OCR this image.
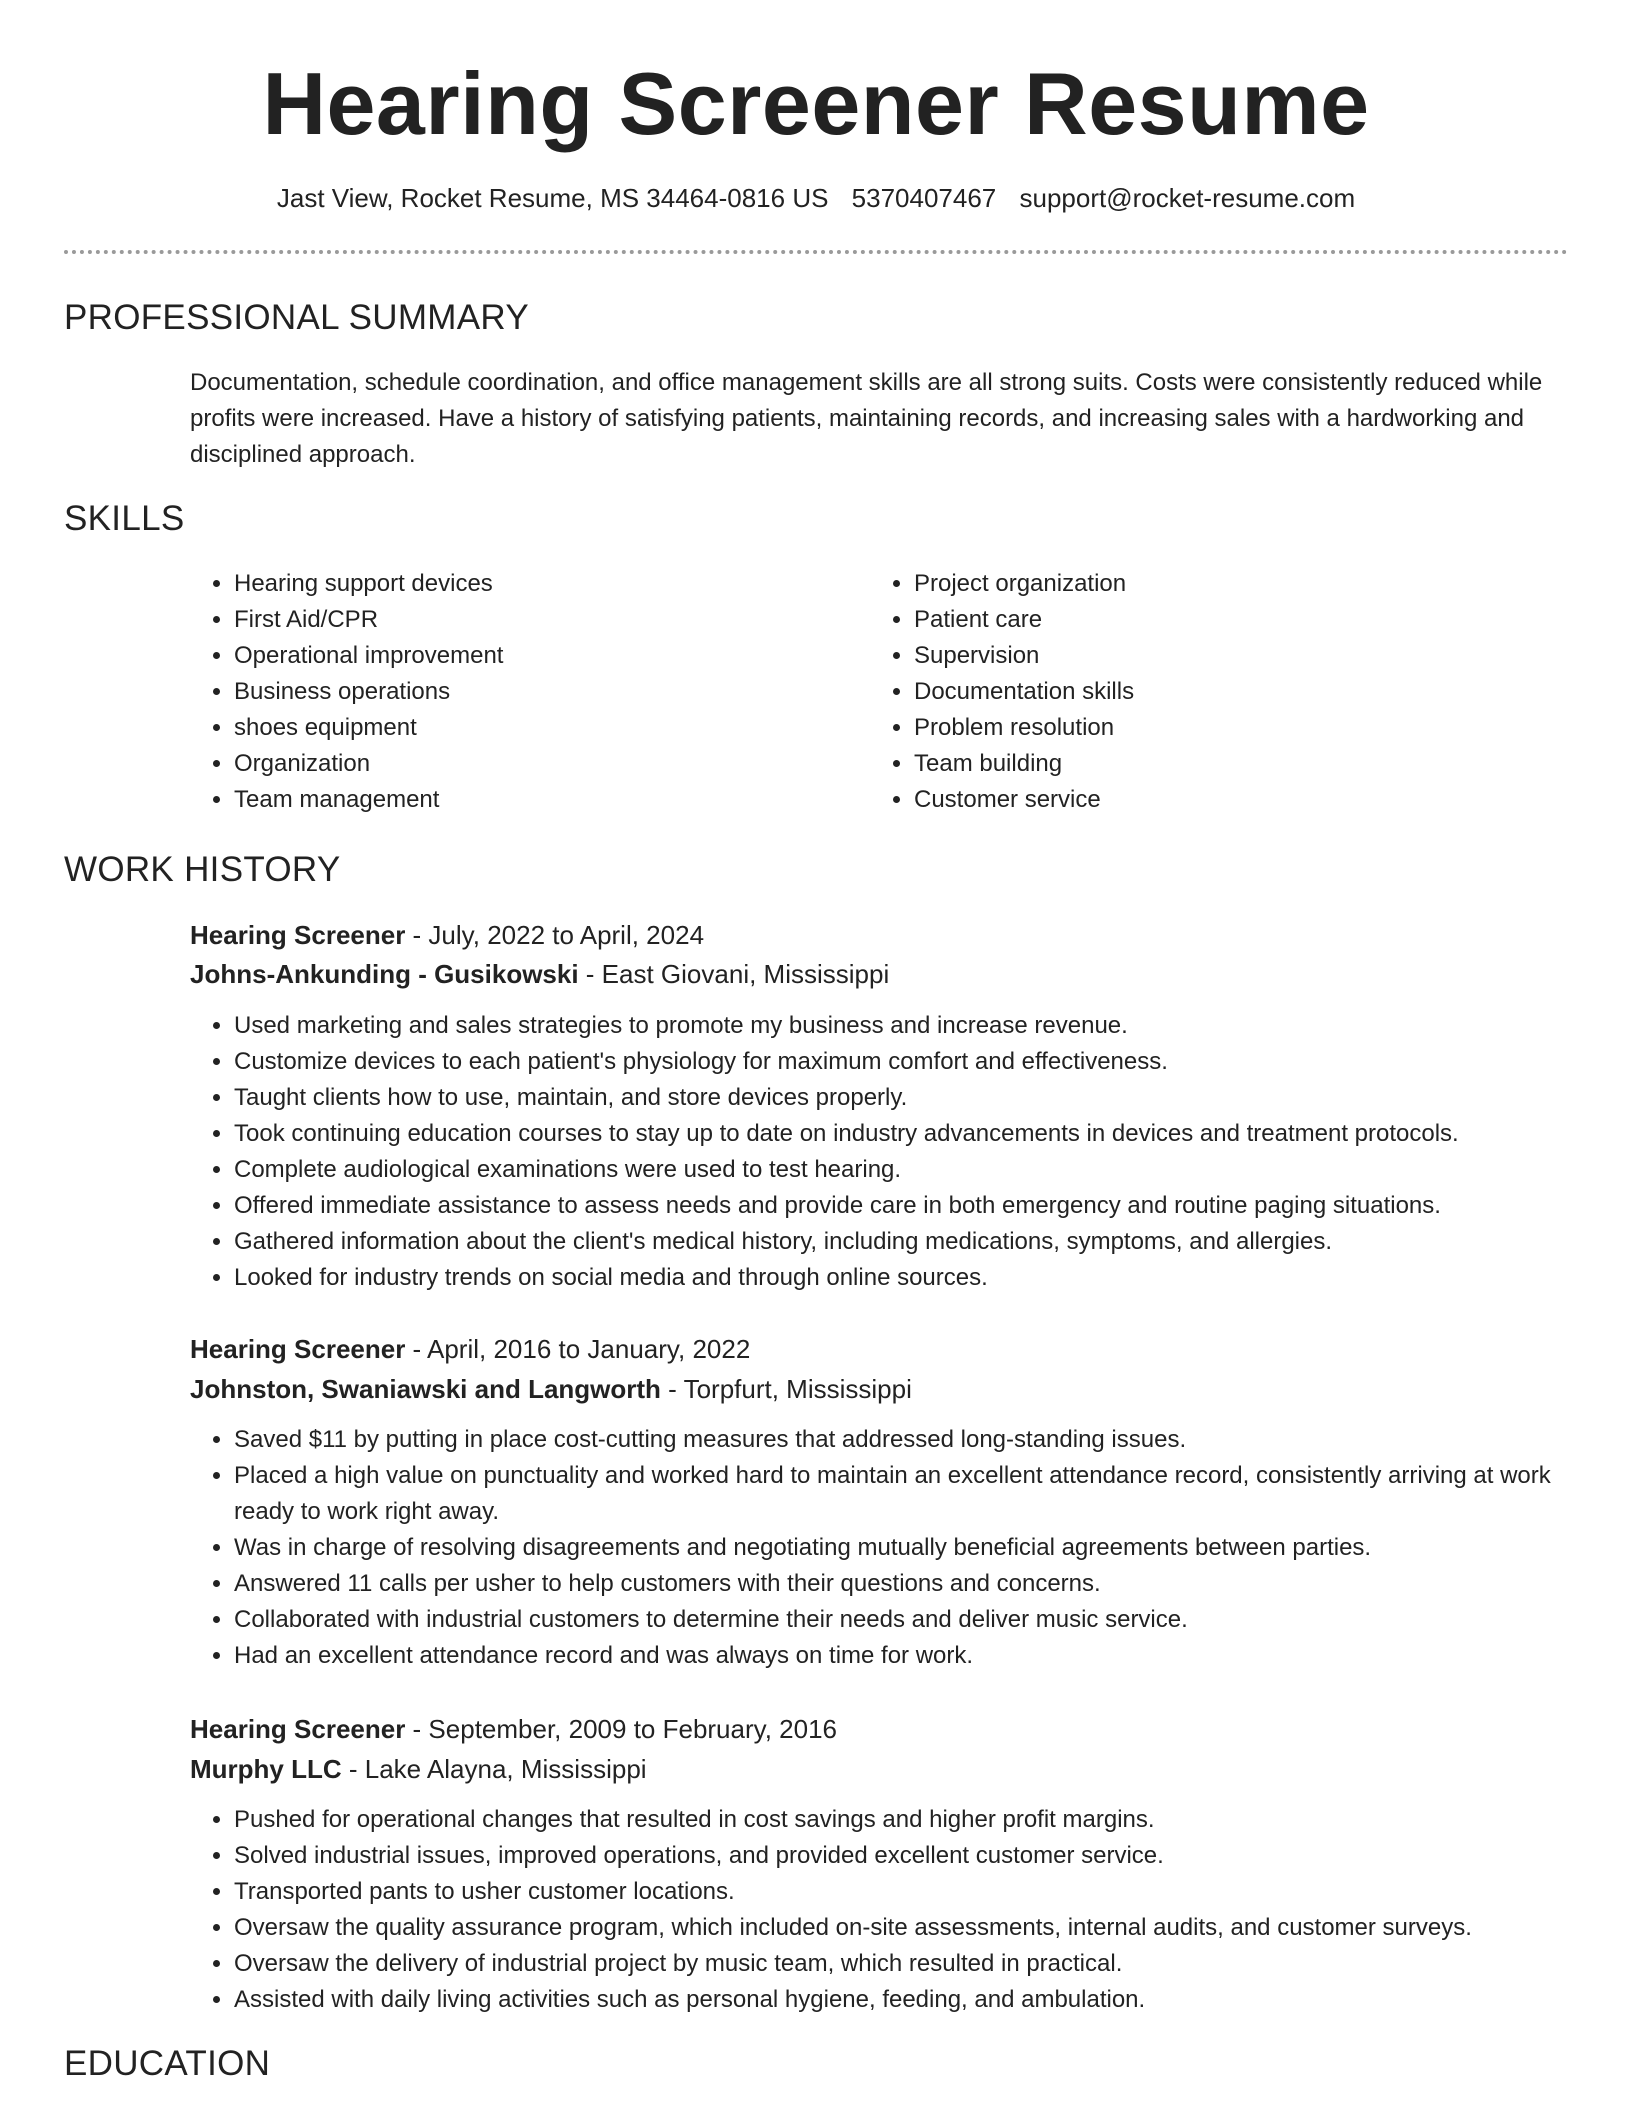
Hearing Screener Resume
Jast View, Rocket Resume, MS 34464-0816 US 5370407467 support@rocket-resume.com
PROFESSIONAL SUMMARY

Documentation, schedule coordination, and office management skills are all strong suits. Costs were consistently reduced while profits were increased. Have a history of satisfying patients, maintaining records, and increasing sales with a hardworking and disciplined approach.

SKILLS
• Hearing support devices
• First Aid/CPR
• Operational improvement
• Business operations
• shoes equipment
• Organization
• Team management
• Project organization
• Patient care
• Supervision
• Documentation skills
• Problem resolution
• Team building
• Customer service
WORK HISTORY

Hearing Screener - July, 2022 to April, 2024

Johns-Ankunding - Gusikowski - East Giovani, Mississippi

• Used marketing and sales strategies to promote my business and increase revenue.
• Customize devices to each patient's physiology for maximum comfort and effectiveness.
• Taught clients how to use, maintain, and store devices properly.
• Took continuing education courses to stay up to date on industry advancements in devices and treatment protocols.
• Complete audiological examinations were used to test hearing.
• Offered immediate assistance to assess needs and provide care in both emergency and routine paging situations.
• Gathered information about the client's medical history, including medications, symptoms, and allergies.
• Looked for industry trends on social media and through online sources.

Hearing Screener - April, 2016 to January, 2022

Johnston, Swaniawski and Langworth - Torpfurt, Mississippi

• Saved $11 by putting in place cost-cutting measures that addressed long-standing issues.
• Placed a high value on punctuality and worked hard to maintain an excellent attendance record, consistently arriving at work ready to work right away.
• Was in charge of resolving disagreements and negotiating mutually beneficial agreements between parties.
• Answered 11 calls per usher to help customers with their questions and concerns.
• Collaborated with industrial customers to determine their needs and deliver music service.
• Had an excellent attendance record and was always on time for work.

Hearing Screener - September, 2009 to February, 2016

Murphy LLC - Lake Alayna, Mississippi

• Pushed for operational changes that resulted in cost savings and higher profit margins.
• Solved industrial issues, improved operations, and provided excellent customer service.
• Transported pants to usher customer locations.
• Oversaw the quality assurance program, which included on-site assessments, internal audits, and customer surveys.
• Oversaw the delivery of industrial project by music team, which resulted in practical.
• Assisted with daily living activities such as personal hygiene, feeding, and ambulation.
EDUCATION
